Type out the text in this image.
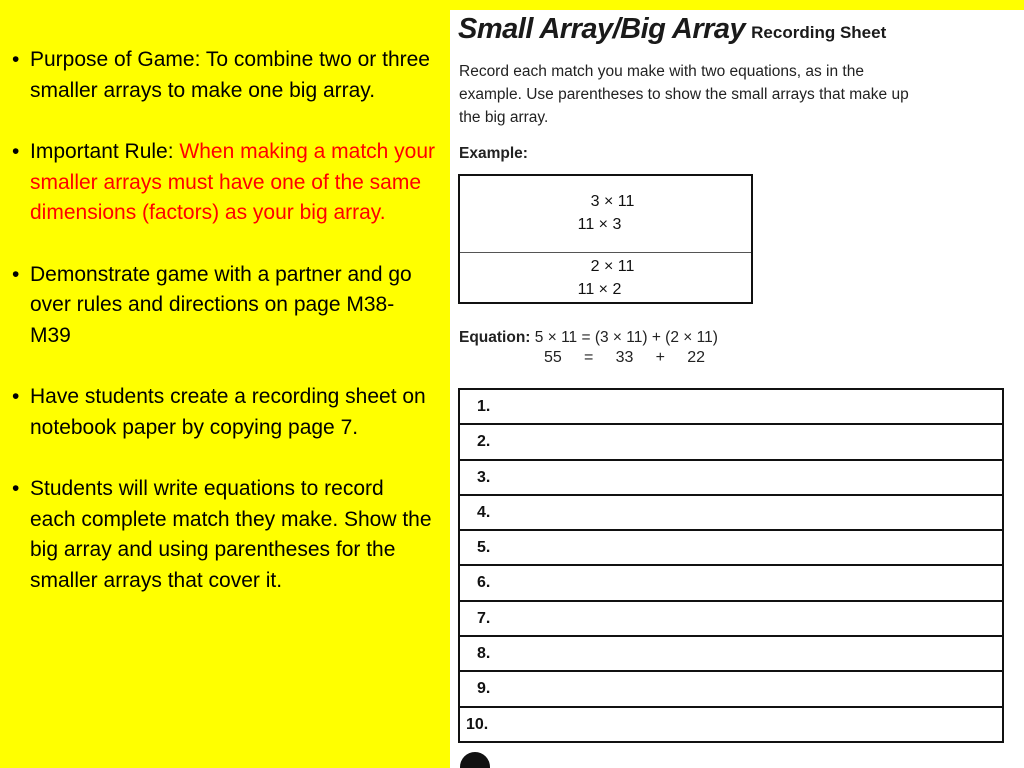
• Purpose of Game: To combine two or three smaller arrays to make one big array.
• Important Rule: When making a match your smaller arrays must have one of the same dimensions (factors) as your big array.
• Demonstrate game with a partner and go over rules and directions on page M38-M39
• Have students create a recording sheet on notebook paper by copying page 7.
• Students will write equations to record each complete match they make. Show the big array and using parentheses for the smaller arrays that cover it.
Small Array/Big Array Recording Sheet
Record each match you make with two equations, as in the example. Use parentheses to show the small arrays that make up the big array.
Example:
3 × 11
11 × 3
2 × 11
11 × 2
Equation: 5 × 11 = (3 × 11) + (2 × 11)
55     =     33     +     22
1.
2.
3.
4.
5.
6.
7.
8.
9.
10.
